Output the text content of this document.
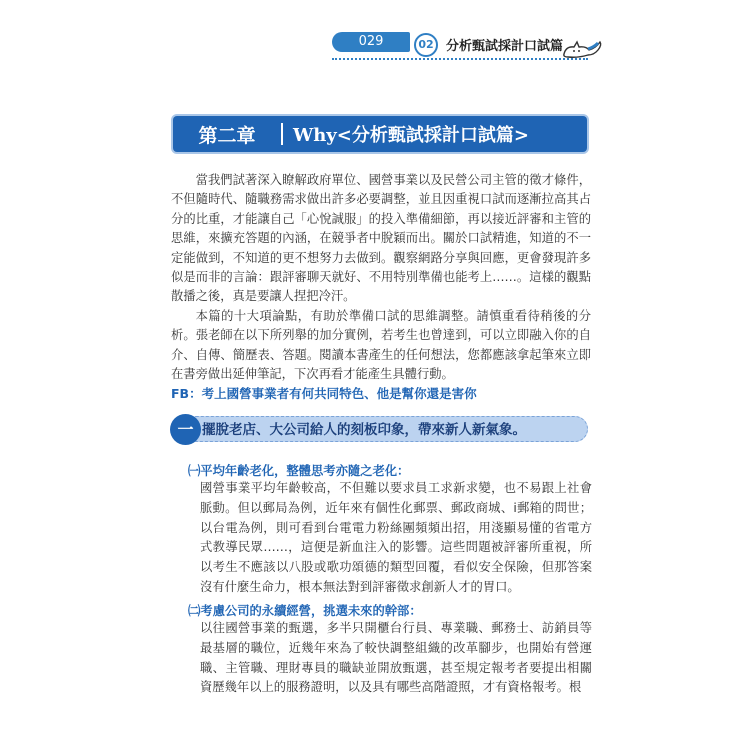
029	02 分析甄試採計口試篇
第二章	Why<分析甄試採計口試篇>

當我們試著深入瞭解政府單位、國營事業以及民營公司主管的徵才條件，不但隨時代、隨職務需求做出許多必要調整，並且因重視口試而逐漸拉高其占分的比重，才能讓自己「心悅誠服」的投入準備細節，再以接近評審和主管的思維，來擴充答題的內涵，在競爭者中脫穎而出。關於口試精進，知道的不一定能做到，不知道的更不想努力去做到。觀察網路分享與回應，更會發現許多似是而非的言論：跟評審聊天就好、不用特別準備也能考上……。這樣的觀點散播之後，真是要讓人捏把冷汗。

本篇的十大項論點，有助於準備口試的思維調整。請慎重看待稍後的分析。張老師在以下所列舉的加分實例，若考生也曾達到，可以立即融入你的自介、自傳、簡歷表、答題。閱讀本書產生的任何想法，您都應該拿起筆來立即在書旁做出延伸筆記，下次再看才能產生具體行動。

FB：考上國營事業者有何共同特色、他是幫你還是害你
一 擺脫老店、大公司給人的刻板印象，帶來新人新氣象。
㈠平均年齡老化，整體思考亦隨之老化：
國營事業平均年齡較高，不但難以要求員工求新求變，也不易跟上社會脈動。但以郵局為例，近年來有個性化郵票、郵政商城、i郵箱的問世；以台電為例，則可看到台電電力粉絲團頻頻出招，用淺顯易懂的省電方式教導民眾……，這便是新血注入的影響。這些問題被評審所重視，所以考生不應該以八股或歌功頌德的類型回覆，看似安全保險，但那答案沒有什麼生命力，根本無法對到評審徵求創新人才的胃口。
㈡考慮公司的永續經營，挑選未來的幹部：
以往國營事業的甄選，多半只開櫃台行員、專業職、郵務士、訪銷員等最基層的職位，近幾年來為了較快調整組織的改革腳步，也開始有營運職、主管職、理財專員的職缺並開放甄選，甚至規定報考者要提出相關資歷幾年以上的服務證明，以及具有哪些高階證照，才有資格報考。根
